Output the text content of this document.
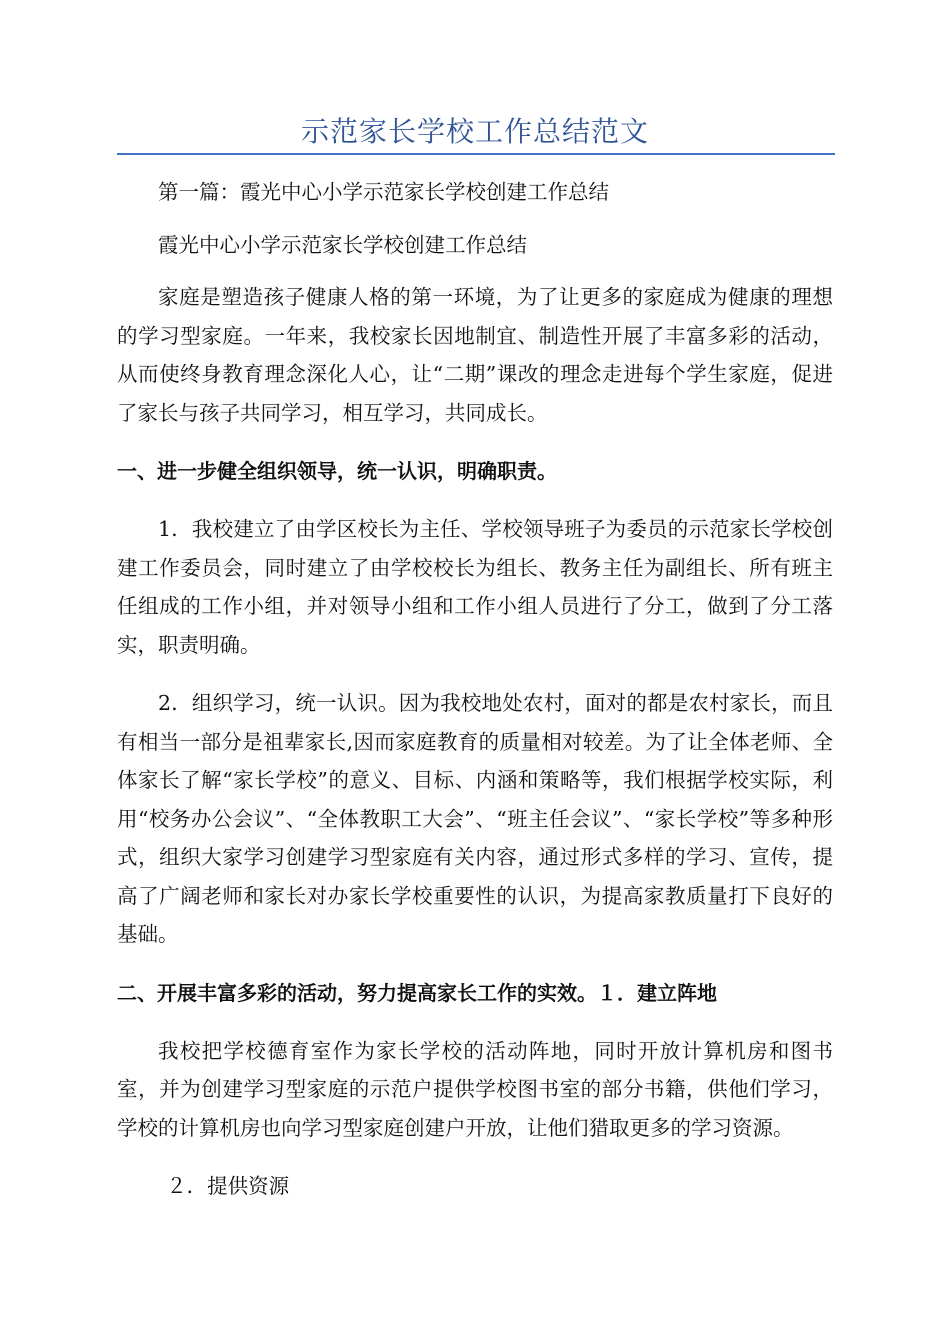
示范家长学校工作总结范文

第一篇：霞光中心小学示范家长学校创建工作总结

霞光中心小学示范家长学校创建工作总结

家庭是塑造孩子健康人格的第一环境，为了让更多的家庭成为健康的理想的学习型家庭。一年来，我校家长因地制宜、制造性开展了丰富多彩的活动，从而使终身教育理念深化人心，让“二期”课改的理念走进每个学生家庭，促进了家长与孩子共同学习，相互学习，共同成长。

一、进一步健全组织领导，统一认识，明确职责。

1．我校建立了由学区校长为主任、学校领导班子为委员的示范家长学校创建工作委员会，同时建立了由学校校长为组长、教务主任为副组长、所有班主任组成的工作小组，并对领导小组和工作小组人员进行了分工，做到了分工落实，职责明确。

2．组织学习，统一认识。因为我校地处农村，面对的都是农村家长，而且有相当一部分是祖辈家长,因而家庭教育的质量相对较差。为了让全体老师、全体家长了解“家长学校”的意义、目标、内涵和策略等，我们根据学校实际，利用“校务办公会议”、“全体教职工大会”、“班主任会议”、“家长学校”等多种形式，组织大家学习创建学习型家庭有关内容，通过形式多样的学习、宣传，提高了广阔老师和家长对办家长学校重要性的认识，为提高家教质量打下良好的基础。

二、开展丰富多彩的活动，努力提高家长工作的实效。１．建立阵地

我校把学校德育室作为家长学校的活动阵地，同时开放计算机房和图书室，并为创建学习型家庭的示范户提供学校图书室的部分书籍，供他们学习，学校的计算机房也向学习型家庭创建户开放，让他们猎取更多的学习资源。

２．提供资源
